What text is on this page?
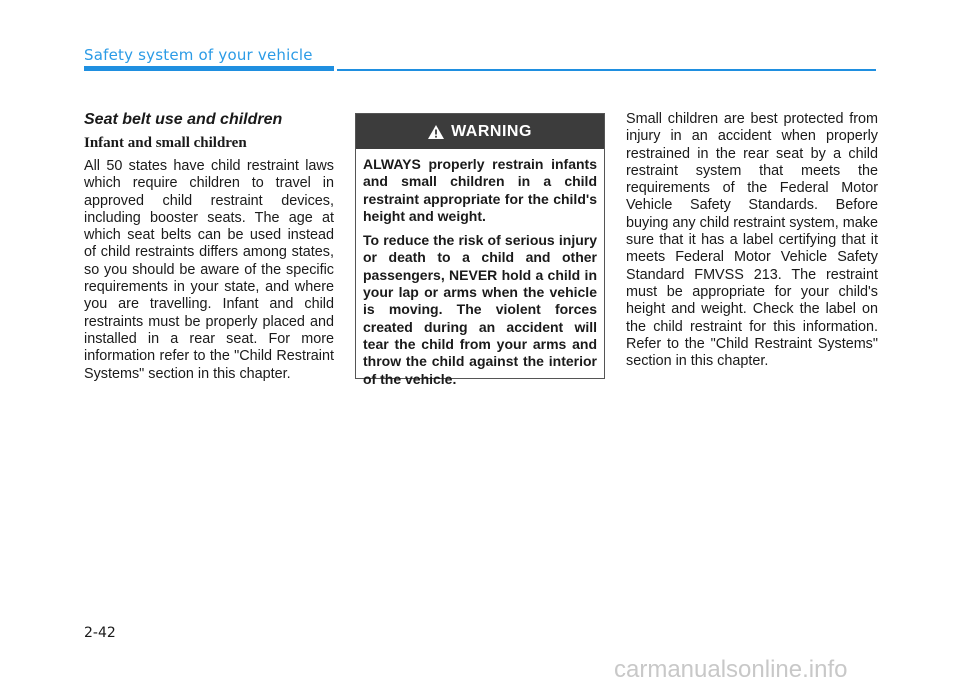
Safety system of your vehicle
Seat belt use and children
Infant and small children

All 50 states have child restraint laws which require children to travel in approved child restraint devices, including booster seats. The age at which seat belts can be used instead of child restraints differs among states, so you should be aware of the specific requirements in your state, and where you are travelling. Infant and child restraints must be properly placed and installed in a rear seat. For more information refer to the "Child Restraint Systems" section in this chapter.

WARNING

ALWAYS properly restrain infants and small children in a child restraint appropriate for the child's height and weight.

To reduce the risk of serious injury or death to a child and other passengers, NEVER hold a child in your lap or arms when the vehicle is moving. The violent forces created during an accident will tear the child from your arms and throw the child against the interior of the vehicle.

Small children are best protected from injury in an accident when properly restrained in the rear seat by a child restraint system that meets the requirements of the Federal Motor Vehicle Safety Standards. Before buying any child restraint system, make sure that it has a label certifying that it meets Federal Motor Vehicle Safety Standard FMVSS 213. The restraint must be appropriate for your child's height and weight. Check the label on the child restraint for this information. Refer to the "Child Restraint Systems" section in this chapter.

2-42
carmanualsonline.info
